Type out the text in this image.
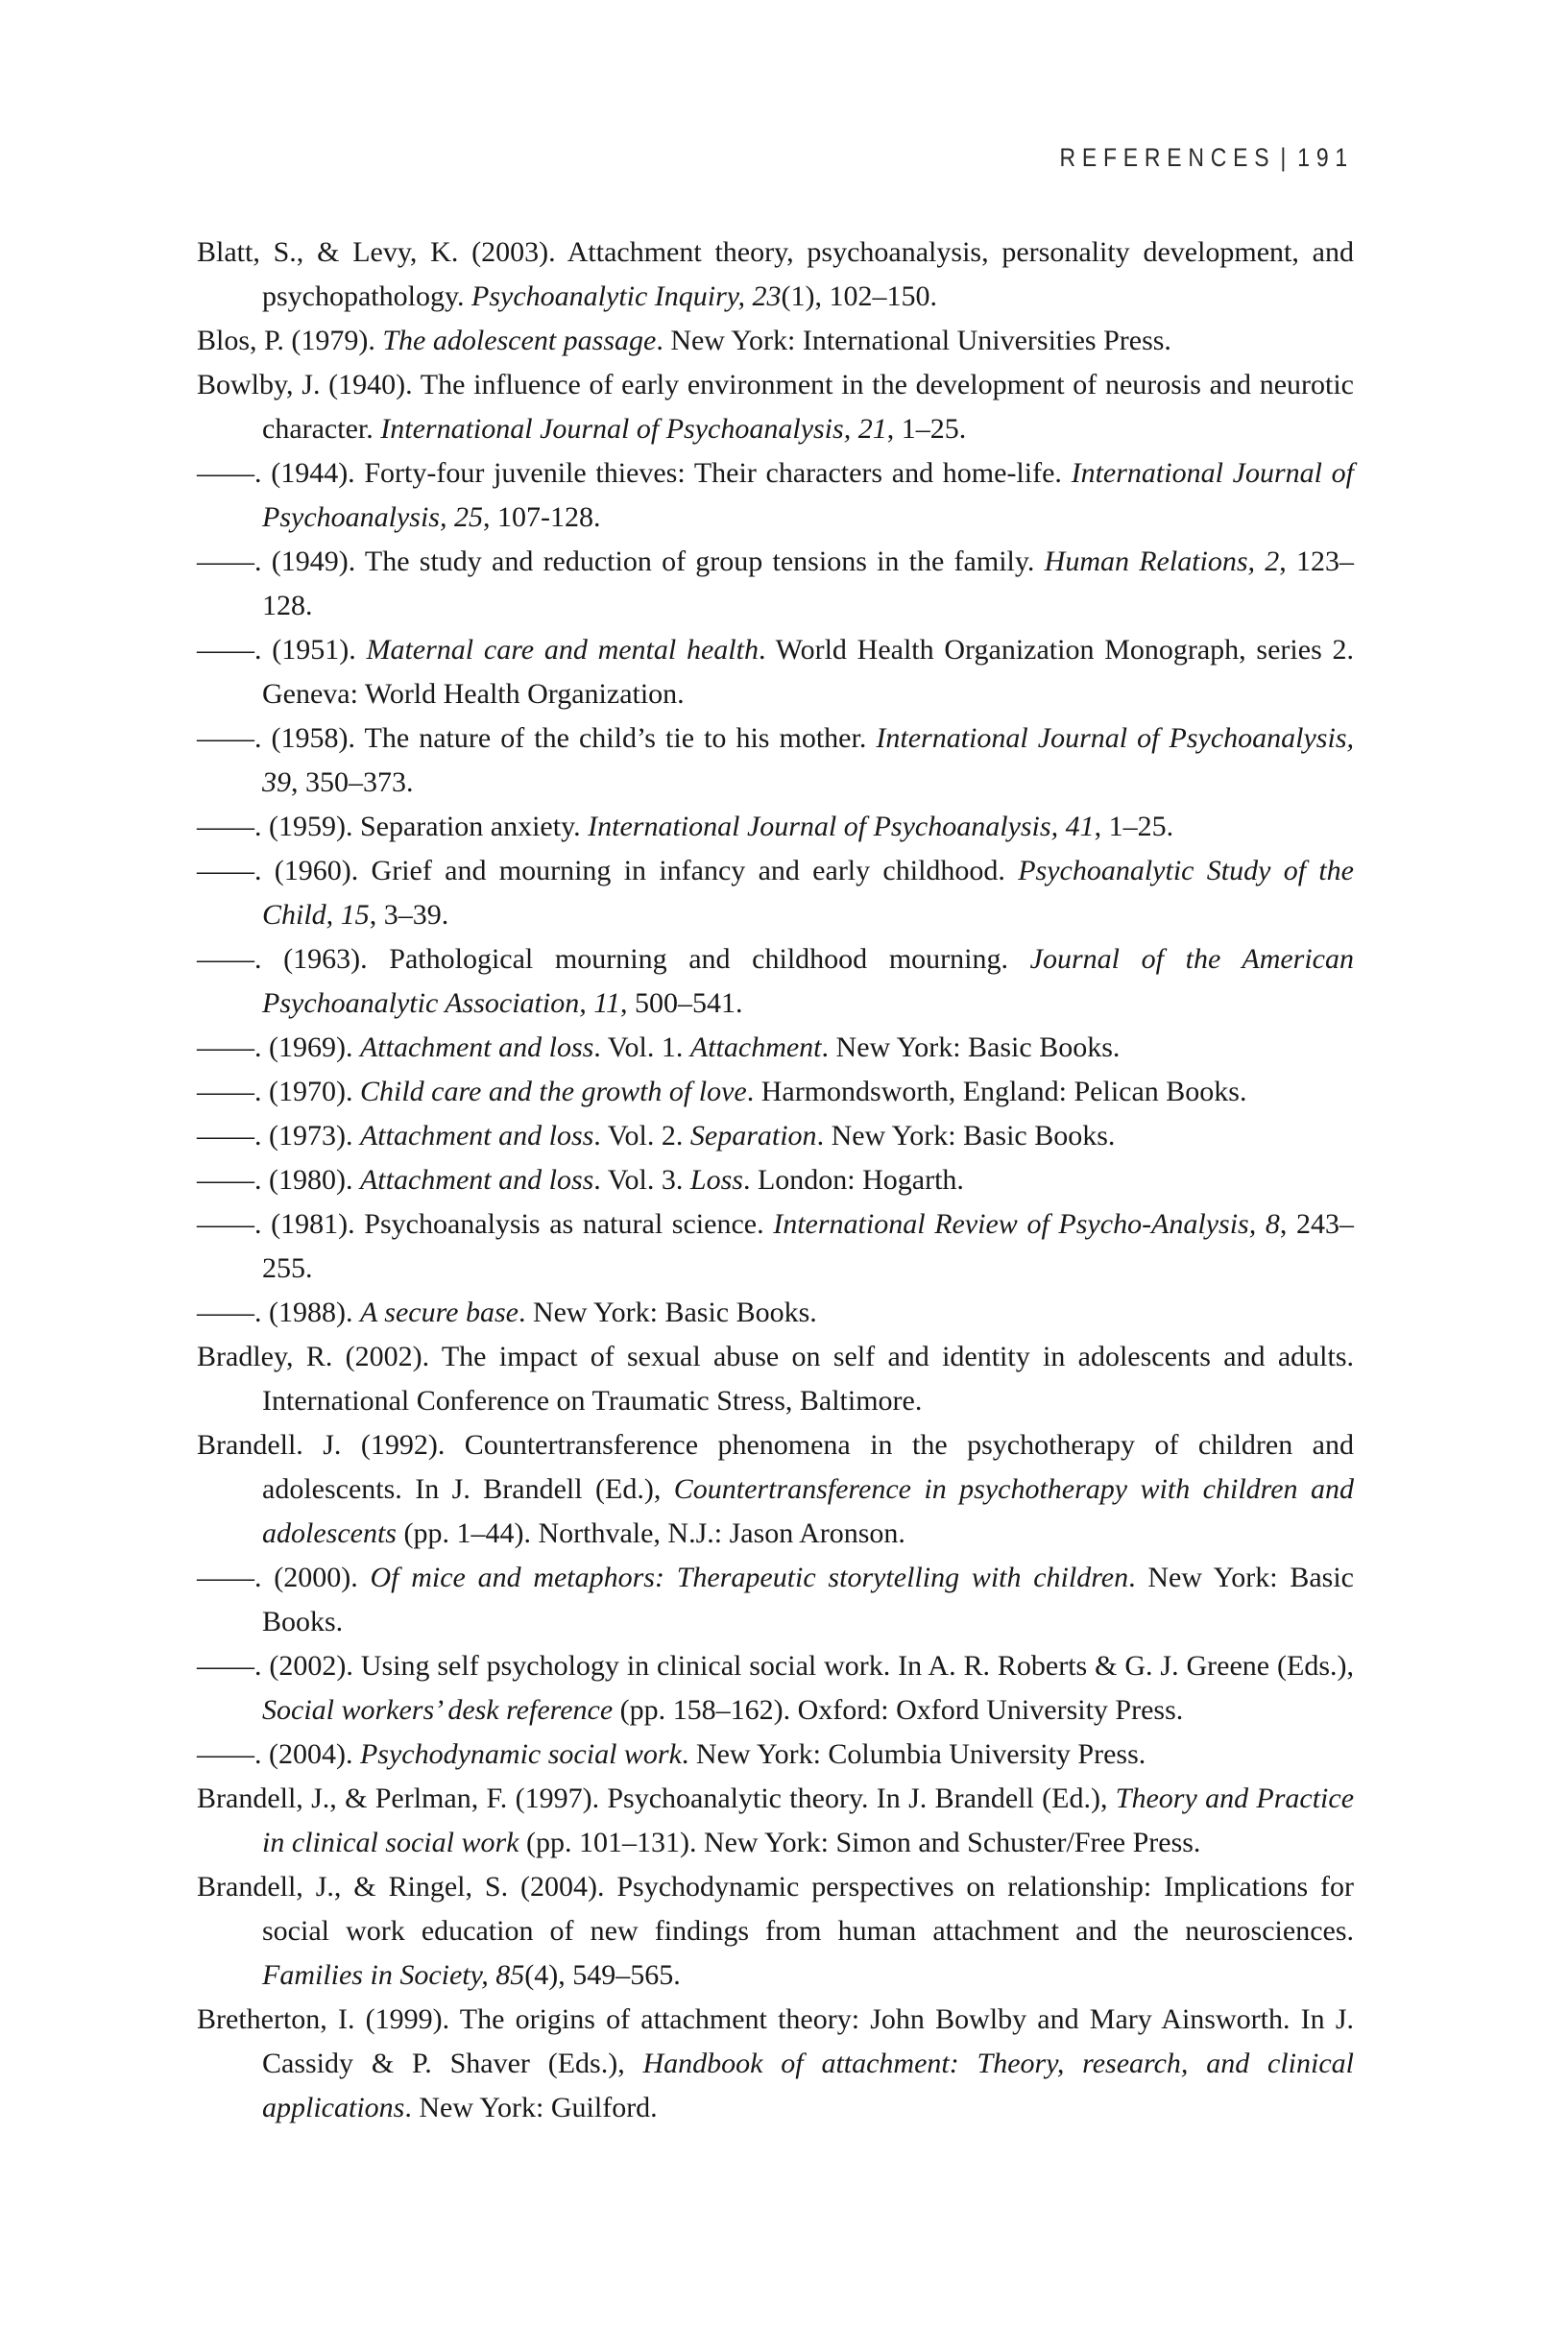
REFERENCES | 191

Blatt, S., & Levy, K. (2003). Attachment theory, psychoanalysis, personality development, and psychopathology. Psychoanalytic Inquiry, 23(1), 102–150.

Blos, P. (1979). The adolescent passage. New York: International Universities Press.

Bowlby, J. (1940). The influence of early environment in the development of neurosis and neurotic character. International Journal of Psychoanalysis, 21, 1–25.

——. (1944). Forty-four juvenile thieves: Their characters and home-life. International Journal of Psychoanalysis, 25, 107-128.

——. (1949). The study and reduction of group tensions in the family. Human Relations, 2, 123–128.

——. (1951). Maternal care and mental health. World Health Organization Monograph, series 2. Geneva: World Health Organization.

——. (1958). The nature of the child’s tie to his mother. International Journal of Psychoanalysis, 39, 350–373.

——. (1959). Separation anxiety. International Journal of Psychoanalysis, 41, 1–25.

——. (1960). Grief and mourning in infancy and early childhood. Psychoanalytic Study of the Child, 15, 3–39.

——. (1963). Pathological mourning and childhood mourning. Journal of the American Psychoanalytic Association, 11, 500–541.

——. (1969). Attachment and loss. Vol. 1. Attachment. New York: Basic Books.

——. (1970). Child care and the growth of love. Harmondsworth, England: Pelican Books.

——. (1973). Attachment and loss. Vol. 2. Separation. New York: Basic Books.

——. (1980). Attachment and loss. Vol. 3. Loss. London: Hogarth.

——. (1981). Psychoanalysis as natural science. International Review of Psycho-Analysis, 8, 243–255.

——. (1988). A secure base. New York: Basic Books.

Bradley, R. (2002). The impact of sexual abuse on self and identity in adolescents and adults. International Conference on Traumatic Stress, Baltimore.

Brandell. J. (1992). Countertransference phenomena in the psychotherapy of children and adolescents. In J. Brandell (Ed.), Countertransference in psychotherapy with children and adolescents (pp. 1–44). Northvale, N.J.: Jason Aronson.

——. (2000). Of mice and metaphors: Therapeutic storytelling with children. New York: Basic Books.

——. (2002). Using self psychology in clinical social work. In A. R. Roberts & G. J. Greene (Eds.), Social workers’ desk reference (pp. 158–162). Oxford: Oxford University Press.

——. (2004). Psychodynamic social work. New York: Columbia University Press.

Brandell, J., & Perlman, F. (1997). Psychoanalytic theory. In J. Brandell (Ed.), Theory and Practice in clinical social work (pp. 101–131). New York: Simon and Schuster/Free Press.

Brandell, J., & Ringel, S. (2004). Psychodynamic perspectives on relationship: Implications for social work education of new findings from human attachment and the neurosciences. Families in Society, 85(4), 549–565.

Bretherton, I. (1999). The origins of attachment theory: John Bowlby and Mary Ainsworth. In J. Cassidy & P. Shaver (Eds.), Handbook of attachment: Theory, research, and clinical applications. New York: Guilford.
